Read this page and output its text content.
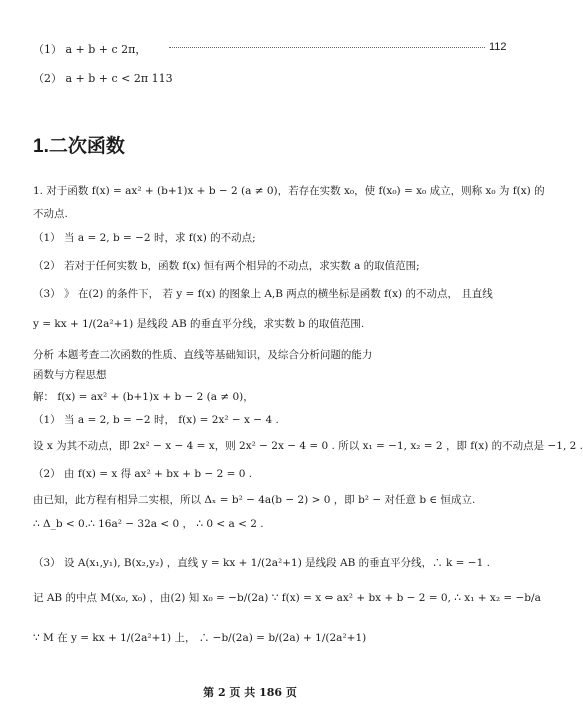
（1） a + b + c 2π，	112
（2） a + b + c < 2π 113
1.二次函数
1. 对于函数 f(x) = ax² + (b+1)x + b − 2 (a ≠ 0)，若存在实数 x₀，使 f(x₀) = x₀ 成立，则称 x₀ 为 f(x) 的
不动点.
（1） 当 a = 2, b = −2 时，求 f(x) 的不动点;
（2） 若对于任何实数 b，函数 f(x) 恒有两个相异的不动点，求实数 a 的取值范围;
（3） 》 在(2) 的条件下， 若 y = f(x) 的图象上 A,B 两点的横坐标是函数 f(x) 的不动点， 且直线
y = kx + 1/(2a²+1) 是线段 AB 的垂直平分线，求实数 b 的取值范围.
分析 本题考查二次函数的性质、直线等基础知识，及综合分析问题的能力
函数与方程思想
解： f(x) = ax² + (b+1)x + b − 2 (a ≠ 0)，
（1） 当 a = 2, b = −2 时， f(x) = 2x² − x − 4 .
设 x 为其不动点，即 2x² − x − 4 = x，则 2x² − 2x − 4 = 0 . 所以 x₁ = −1, x₂ = 2 ，即 f(x) 的不动点是 −1, 2 .
（2） 由 f(x) = x 得 ax² + bx + b − 2 = 0 .
由已知，此方程有相异二实根，所以 Δₓ = b² − 4a(b − 2) > 0 ，即 b² − 对任意 b ∈ 恒成立.
∴ Δ_b < 0.∴ 16a² − 32a < 0 ， ∴ 0 < a < 2 .
（3） 设 A(x₁,y₁), B(x₂,y₂) ，直线 y = kx + 1/(2a²+1) 是线段 AB 的垂直平分线，∴ k = −1 .
记 AB 的中点 M(x₀, x₀) ，由(2) 知 x₀ = −b/(2a) ∵ f(x) = x ⇔ ax² + bx + b − 2 = 0, ∴ x₁ + x₂ = −b/a
∵ M 在 y = kx + 1/(2a²+1) 上， ∴ −b/(2a) = b/(2a) + 1/(2a²+1)
第 2 页 共 186 页
